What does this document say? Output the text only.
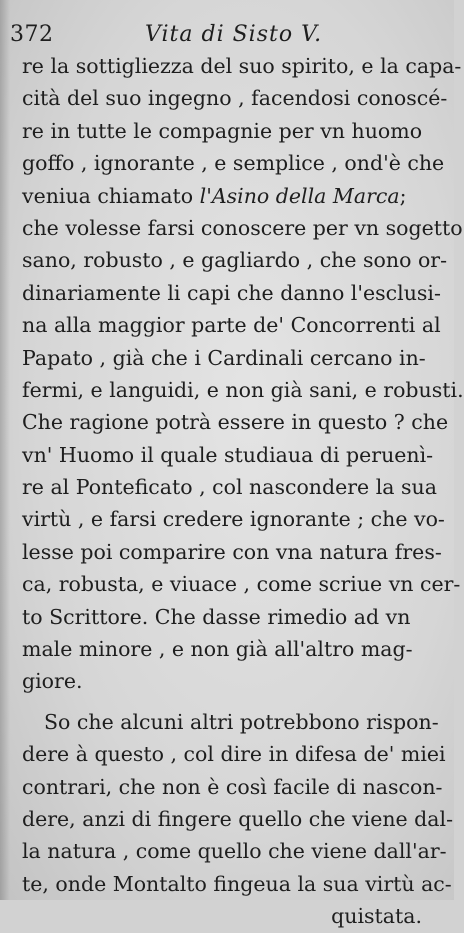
372	Vita di Sisto V.
re la sottigliezza del suo spirito, e la capa-
cità del suo ingegno , facendosi conoscé-
re in tutte le compagnie per vn huomo
goffo , ignorante , e semplice , ond'è che
veniua chiamato l'Asino della Marca;
che volesse farsi conoscere per vn sogetto
sano, robusto , e gagliardo , che sono or-
dinariamente li capi che danno l'esclusi-
na alla maggior parte de' Concorrenti al
Papato , già che i Cardinali cercano in-
fermi, e languidi, e non già sani, e robusti.
Che ragione potrà essere in questo ? che
vn' Huomo il quale studiaua di peruenì-
re al Ponteficato , col nascondere la sua
virtù , e farsi credere ignorante ; che vo-
lesse poi comparire con vna natura fres-
ca, robusta, e viuace , come scriue vn cer-
to Scrittore. Che dasse rimedio ad vn
male minore , e non già all'altro mag-
giore.
So che alcuni altri potrebbono rispon-
dere à questo , col dire in difesa de' miei
contrari, che non è così facile di nascon-
dere, anzi di fingere quello che viene dal-
la natura , come quello che viene dall'ar-
te, onde Montalto fingeua la sua virtù ac-
quistata.
